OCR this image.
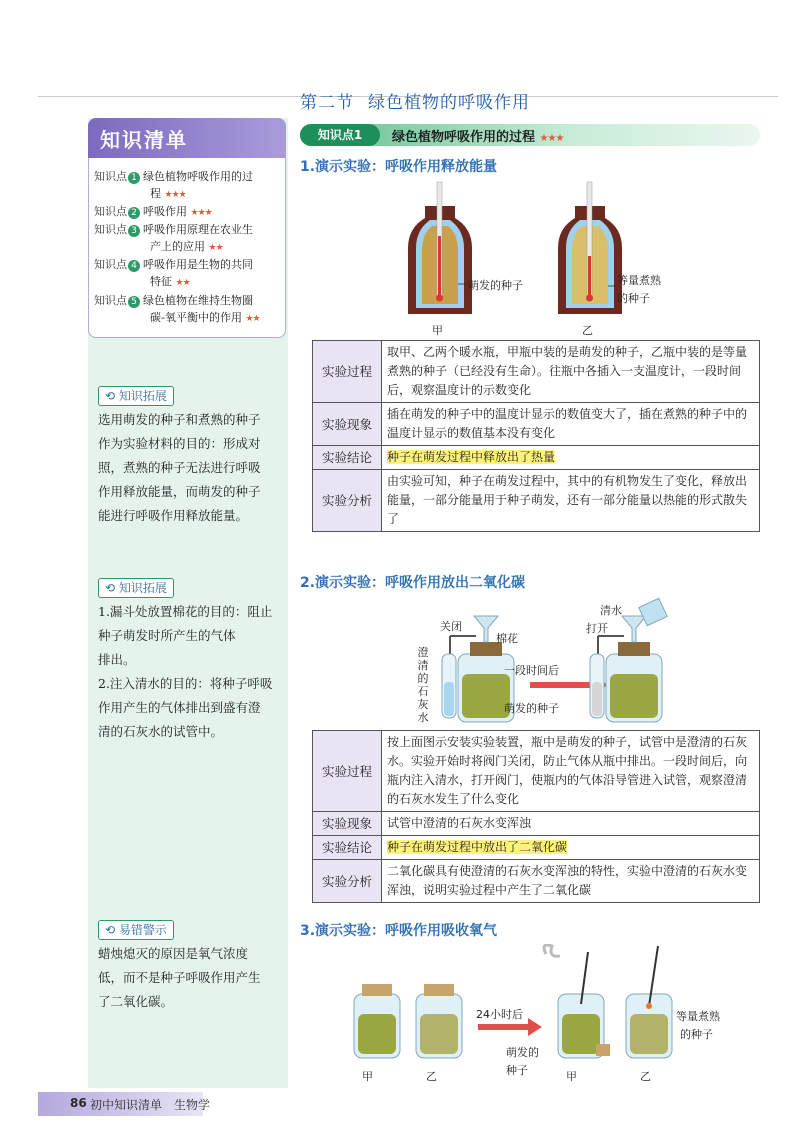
第二节 绿色植物的呼吸作用
知识清单
知识点 1 绿色植物呼吸作用的过
程 ★★★
知识点 2 呼吸作用 ★★★
知识点 3 呼吸作用原理在农业生
产上的应用 ★★
知识点 4 呼吸作用是生物的共同
特征 ★★
知识点 5 绿色植物在维持生物圈
碳-氧平衡中的作用 ★★
⟲ 知识拓展
选用萌发的种子和煮熟的种子
作为实验材料的目的：形成对
照，煮熟的种子无法进行呼吸
作用释放能量，而萌发的种子
能进行呼吸作用释放能量。
⟲ 知识拓展
1.漏斗处放置棉花的目的：阻止
种子萌发时所产生的气体
排出。
2.注入清水的目的：将种子呼吸
作用产生的气体排出到盛有澄
清的石灰水的试管中。
⟲ 易错警示
蜡烛熄灭的原因是氧气浓度
低，而不是种子呼吸作用产生
了二氧化碳。
知识点1	绿色植物呼吸作用的过程 ★★★
1.演示实验：呼吸作用释放能量
萌发的种子	等量煮熟
的种子
甲	乙
实验过程	取甲、乙两个暖水瓶，甲瓶中装的是萌发的种子，乙瓶中装的是等量煮熟的种子（已经没有生命）。往瓶中各插入一支温度计，一段时间后，观察温度计的示数变化
实验现象	插在萌发的种子中的温度计显示的数值变大了，插在煮熟的种子中的温度计显示的数值基本没有变化
实验结论	种子在萌发过程中释放出了热量
实验分析	由实验可知，种子在萌发过程中，其中的有机物发生了变化，释放出能量，一部分能量用于种子萌发，还有一部分能量以热能的形式散失了
2.演示实验：呼吸作用放出二氧化碳
关闭
棉花
澄
清
的
石
灰
水
一段时间后
萌发的种子
清水
打开
实验过程	按上面图示安装实验装置，瓶中是萌发的种子，试管中是澄清的石灰水。实验开始时将阀门关闭，防止气体从瓶中排出。一段时间后，向瓶内注入清水，打开阀门，使瓶内的气体沿导管进入试管，观察澄清的石灰水发生了什么变化
实验现象	试管中澄清的石灰水变浑浊
实验结论	种子在萌发过程中放出了二氧化碳
实验分析	二氧化碳具有使澄清的石灰水变浑浊的特性，实验中澄清的石灰水变浑浊，说明实验过程中产生了二氧化碳
3.演示实验：呼吸作用吸收氧气
甲	乙
24小时后
萌发的
种子	甲	乙
等量煮熟
的种子
86 初中知识清单　生物学
